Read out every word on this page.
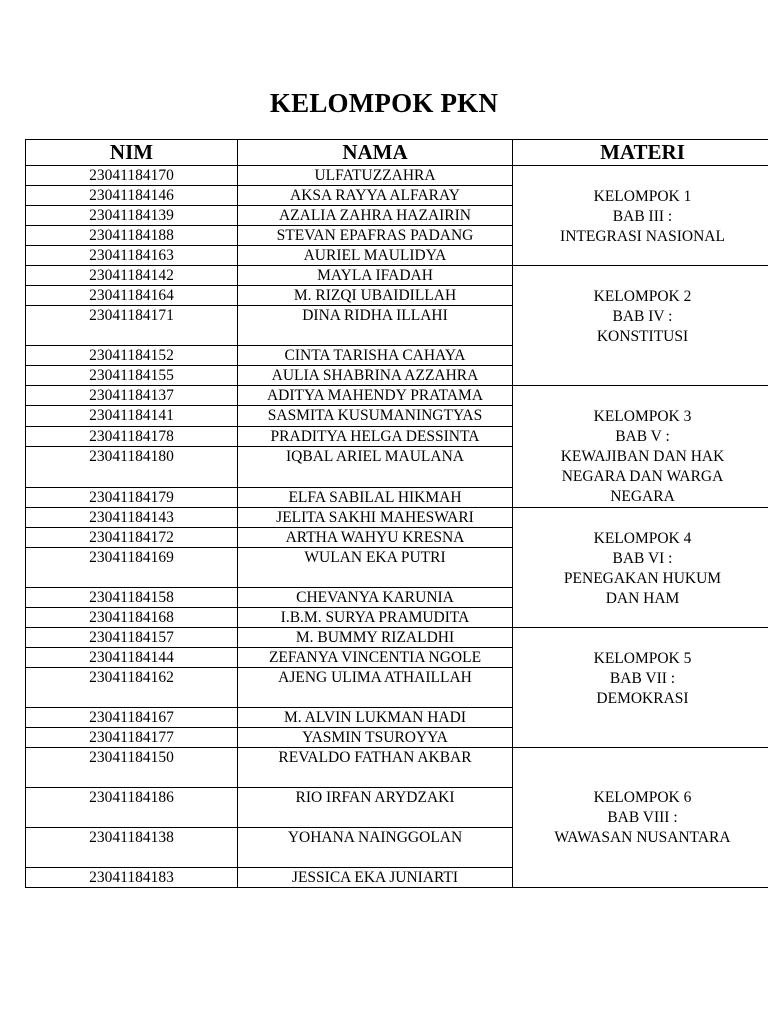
KELOMPOK PKN
NIM	NAMA	MATERI
23041184170	ULFATUZZAHRA	KELOMPOK 1
BAB III :
INTEGRASI NASIONAL

23041184146	AKSA RAYYA ALFARAY	
23041184139	AZALIA ZAHRA HAZAIRIN	
23041184188	STEVAN EPAFRAS PADANG	
23041184163	AURIEL MAULIDYA	
23041184142	MAYLA IFADAH	KELOMPOK 2
BAB IV :
KONSTITUSI

23041184164	M. RIZQI UBAIDILLAH	
23041184171	DINA RIDHA ILLAHI	
23041184152	CINTA TARISHA CAHAYA	
23041184155	AULIA SHABRINA AZZAHRA	
23041184137	ADITYA MAHENDY PRATAMA	KELOMPOK 3
BAB V :
KEWAJIBAN DAN HAK
NEGARA DAN WARGA
NEGARA

23041184141	SASMITA KUSUMANINGTYAS	
23041184178	PRADITYA HELGA DESSINTA	
23041184180	IQBAL ARIEL MAULANA	
23041184179	ELFA SABILAL HIKMAH	
23041184143	JELITA SAKHI MAHESWARI	KELOMPOK 4
BAB VI :
PENEGAKAN HUKUM
DAN HAM

23041184172	ARTHA WAHYU KRESNA	
23041184169	WULAN EKA PUTRI	
23041184158	CHEVANYA KARUNIA	
23041184168	I.B.M. SURYA PRAMUDITA	
23041184157	M. BUMMY RIZALDHI	KELOMPOK 5
BAB VII :
DEMOKRASI

23041184144	ZEFANYA VINCENTIA NGOLE	
23041184162	AJENG ULIMA ATHAILLAH	
23041184167	M. ALVIN LUKMAN HADI	
23041184177	YASMIN TSUROYYA	
23041184150	REVALDO FATHAN AKBAR	KELOMPOK 6
BAB VIII :
WAWASAN NUSANTARA

23041184186	RIO IRFAN ARYDZAKI	
23041184138	YOHANA NAINGGOLAN	
23041184183	JESSICA EKA JUNIARTI	
